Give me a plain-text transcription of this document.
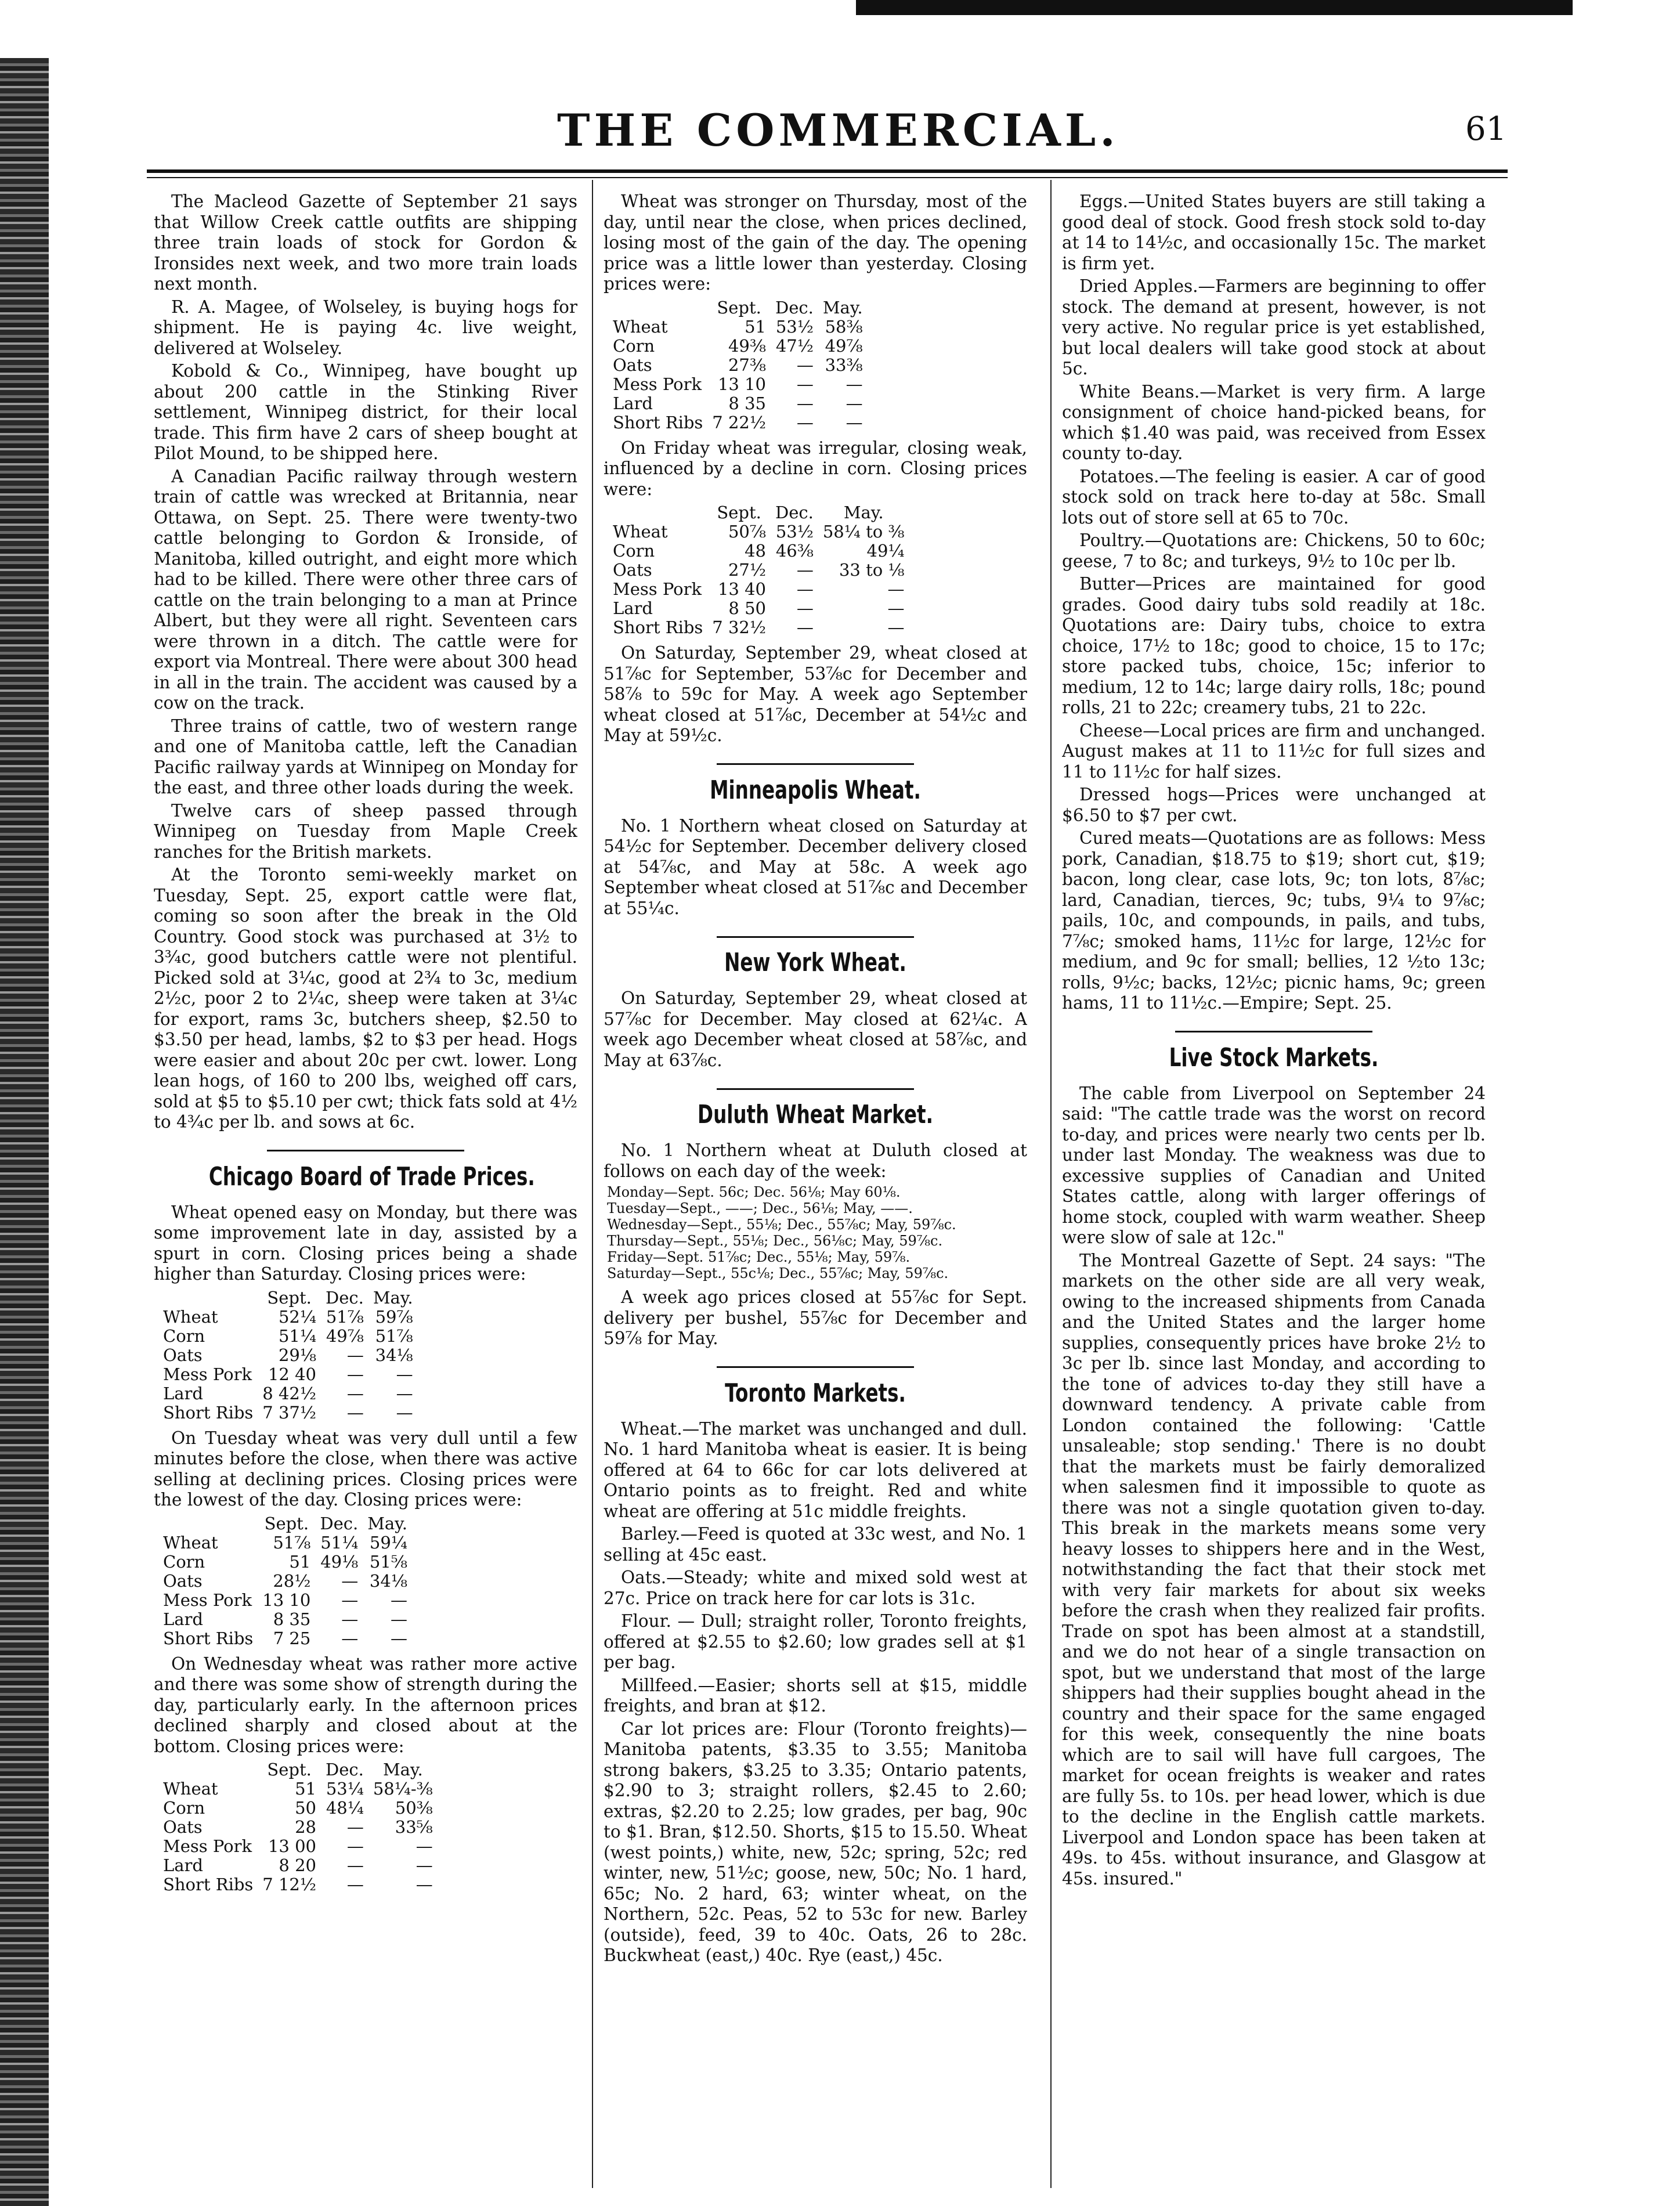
THE COMMERCIAL.	61

The Macleod Gazette of September 21 says that Willow Creek cattle outfits are shipping three train loads of stock for Gordon & Ironsides next week, and two more train loads next month.

R. A. Magee, of Wolseley, is buying hogs for shipment. He is paying 4c. live weight, delivered at Wolseley.

Kobold & Co., Winnipeg, have bought up about 200 cattle in the Stinking River settlement, Winnipeg district, for their local trade. This firm have 2 cars of sheep bought at Pilot Mound, to be shipped here.

A Canadian Pacific railway through western train of cattle was wrecked at Britannia, near Ottawa, on Sept. 25. There were twenty-two cattle belonging to Gordon & Ironside, of Manitoba, killed outright, and eight more which had to be killed. There were other three cars of cattle on the train belonging to a man at Prince Albert, but they were all right. Seventeen cars were thrown in a ditch. The cattle were for export via Montreal. There were about 300 head in all in the train. The accident was caused by a cow on the track.

Three trains of cattle, two of western range and one of Manitoba cattle, left the Canadian Pacific railway yards at Winnipeg on Monday for the east, and three other loads during the week.

Twelve cars of sheep passed through Winnipeg on Tuesday from Maple Creek ranches for the British markets.

At the Toronto semi-weekly market on Tuesday, Sept. 25, export cattle were flat, coming so soon after the break in the Old Country. Good stock was purchased at 3½ to 3¾c, good butchers cattle were not plentiful. Picked sold at 3¼c, good at 2¾ to 3c, medium 2½c, poor 2 to 2¼c, sheep were taken at 3¼c for export, rams 3c, butchers sheep, $2.50 to $3.50 per head, lambs, $2 to $3 per head. Hogs were easier and about 20c per cwt. lower. Long lean hogs, of 160 to 200 lbs, weighed off cars, sold at $5 to $5.10 per cwt; thick fats sold at 4½ to 4¾c per lb. and sows at 6c.

Chicago Board of Trade Prices.

Wheat opened easy on Monday, but there was some improvement late in day, assisted by a spurt in corn. Closing prices being a shade higher than Saturday. Closing prices were:

	Sept.	Dec.	May.
Wheat	52¼	51⅞	59⅞
Corn	51¼	49⅞	51⅞
Oats	29⅛	—	34⅛
Mess Pork	12 40	—	—
Lard	8 42½	—	—
Short Ribs	7 37½	—	—

On Tuesday wheat was very dull until a few minutes before the close, when there was active selling at declining prices. Closing prices were the lowest of the day. Closing prices were:

	Sept.	Dec.	May.
Wheat	51⅞	51¼	59¼
Corn	51	49⅛	51⅝
Oats	28½	—	34⅛
Mess Pork	13 10	—	—
Lard	8 35	—	—
Short Ribs	7 25	—	—

On Wednesday wheat was rather more active and there was some show of strength during the day, particularly early. In the afternoon prices declined sharply and closed about at the bottom. Closing prices were:

	Sept.	Dec.	May.
Wheat	51	53¼	58¼-⅜
Corn	50	48¼	50⅜
Oats	28	—	33⅝
Mess Pork	13 00	—	—
Lard	8 20	—	—
Short Ribs	7 12½	—	—

Wheat was stronger on Thursday, most of the day, until near the close, when prices declined, losing most of the gain of the day. The opening price was a little lower than yesterday. Closing prices were:

	Sept.	Dec.	May.
Wheat	51	53½	58⅜
Corn	49⅜	47½	49⅞
Oats	27⅜	—	33⅜
Mess Pork	13 10	—	—
Lard	8 35	—	—
Short Ribs	7 22½	—	—

On Friday wheat was irregular, closing weak, influenced by a decline in corn. Closing prices were:

	Sept.	Dec.	May.
Wheat	50⅞	53½	58¼ to ⅜
Corn	48	46⅜	49¼
Oats	27½	—	33 to ⅛
Mess Pork	13 40	—	—
Lard	8 50	—	—
Short Ribs	7 32½	—	—

On Saturday, September 29, wheat closed at 51⅞c for September, 53⅞c for December and 58⅞ to 59c for May. A week ago September wheat closed at 51⅞c, December at 54½c and May at 59½c.

Minneapolis Wheat.

No. 1 Northern wheat closed on Saturday at 54½c for September. December delivery closed at 54⅞c, and May at 58c. A week ago September wheat closed at 51⅞c and December at 55¼c.

New York Wheat.

On Saturday, September 29, wheat closed at 57⅞c for December. May closed at 62¼c. A week ago December wheat closed at 58⅞c, and May at 63⅞c.

Duluth Wheat Market.

No. 1 Northern wheat at Duluth closed at follows on each day of the week:

Monday—Sept. 56c; Dec. 56⅛; May 60⅛.
Tuesday—Sept., ——; Dec., 56⅛; May, ——.
Wednesday—Sept., 55⅛; Dec., 55⅞c; May, 59⅞c.
Thursday—Sept., 55⅛; Dec., 56⅛c; May, 59⅞c.
Friday—Sept. 51⅞c; Dec., 55⅛; May, 59⅞.
Saturday—Sept., 55c⅛; Dec., 55⅞c; May, 59⅞c.

A week ago prices closed at 55⅞c for Sept. delivery per bushel, 55⅞c for December and 59⅞ for May.

Toronto Markets.

Wheat.—The market was unchanged and dull. No. 1 hard Manitoba wheat is easier. It is being offered at 64 to 66c for car lots delivered at Ontario points as to freight. Red and white wheat are offering at 51c middle freights.

Barley.—Feed is quoted at 33c west, and No. 1 selling at 45c east.

Oats.—Steady; white and mixed sold west at 27c. Price on track here for car lots is 31c.

Flour. — Dull; straight roller, Toronto freights, offered at $2.55 to $2.60; low grades sell at $1 per bag.

Millfeed.—Easier; shorts sell at $15, middle freights, and bran at $12.

Car lot prices are: Flour (Toronto freights)—Manitoba patents, $3.35 to 3.55; Manitoba strong bakers, $3.25 to 3.35; Ontario patents, $2.90 to 3; straight rollers, $2.45 to 2.60; extras, $2.20 to 2.25; low grades, per bag, 90c to $1. Bran, $12.50. Shorts, $15 to 15.50. Wheat (west points,) white, new, 52c; spring, 52c; red winter, new, 51½c; goose, new, 50c; No. 1 hard, 65c; No. 2 hard, 63; winter wheat, on the Northern, 52c. Peas, 52 to 53c for new. Barley (outside), feed, 39 to 40c. Oats, 26 to 28c. Buckwheat (east,) 40c. Rye (east,) 45c.

Eggs.—United States buyers are still taking a good deal of stock. Good fresh stock sold to-day at 14 to 14½c, and occasionally 15c. The market is firm yet.

Dried Apples.—Farmers are beginning to offer stock. The demand at present, however, is not very active. No regular price is yet established, but local dealers will take good stock at about 5c.

White Beans.—Market is very firm. A large consignment of choice hand-picked beans, for which $1.40 was paid, was received from Essex county to-day.

Potatoes.—The feeling is easier. A car of good stock sold on track here to-day at 58c. Small lots out of store sell at 65 to 70c.

Poultry.—Quotations are: Chickens, 50 to 60c; geese, 7 to 8c; and turkeys, 9½ to 10c per lb.

Butter—Prices are maintained for good grades. Good dairy tubs sold readily at 18c. Quotations are: Dairy tubs, choice to extra choice, 17½ to 18c; good to choice, 15 to 17c; store packed tubs, choice, 15c; inferior to medium, 12 to 14c; large dairy rolls, 18c; pound rolls, 21 to 22c; creamery tubs, 21 to 22c.

Cheese—Local prices are firm and unchanged. August makes at 11 to 11½c for full sizes and 11 to 11½c for half sizes.

Dressed hogs—Prices were unchanged at $6.50 to $7 per cwt.

Cured meats—Quotations are as follows: Mess pork, Canadian, $18.75 to $19; short cut, $19; bacon, long clear, case lots, 9c; ton lots, 8⅞c; lard, Canadian, tierces, 9c; tubs, 9¼ to 9⅞c; pails, 10c, and compounds, in pails, and tubs, 7⅞c; smoked hams, 11½c for large, 12½c for medium, and 9c for small; bellies, 12 ½to 13c; rolls, 9½c; backs, 12½c; picnic hams, 9c; green hams, 11 to 11½c.—Empire; Sept. 25.

Live Stock Markets.

The cable from Liverpool on September 24 said: "The cattle trade was the worst on record to-day, and prices were nearly two cents per lb. under last Monday. The weakness was due to excessive supplies of Canadian and United States cattle, along with larger offerings of home stock, coupled with warm weather. Sheep were slow of sale at 12c."

The Montreal Gazette of Sept. 24 says: "The markets on the other side are all very weak, owing to the increased shipments from Canada and the United States and the larger home supplies, consequently prices have broke 2½ to 3c per lb. since last Monday, and according to the tone of advices to-day they still have a downward tendency. A private cable from London contained the following: 'Cattle unsaleable; stop sending.' There is no doubt that the markets must be fairly demoralized when salesmen find it impossible to quote as there was not a single quotation given to-day. This break in the markets means some very heavy losses to shippers here and in the West, notwithstanding the fact that their stock met with very fair markets for about six weeks before the crash when they realized fair profits. Trade on spot has been almost at a standstill, and we do not hear of a single transaction on spot, but we understand that most of the large shippers had their supplies bought ahead in the country and their space for the same engaged for this week, consequently the nine boats which are to sail will have full cargoes, The market for ocean freights is weaker and rates are fully 5s. to 10s. per head lower, which is due to the decline in the English cattle markets. Liverpool and London space has been taken at 49s. to 45s. without insurance, and Glasgow at 45s. insured."
